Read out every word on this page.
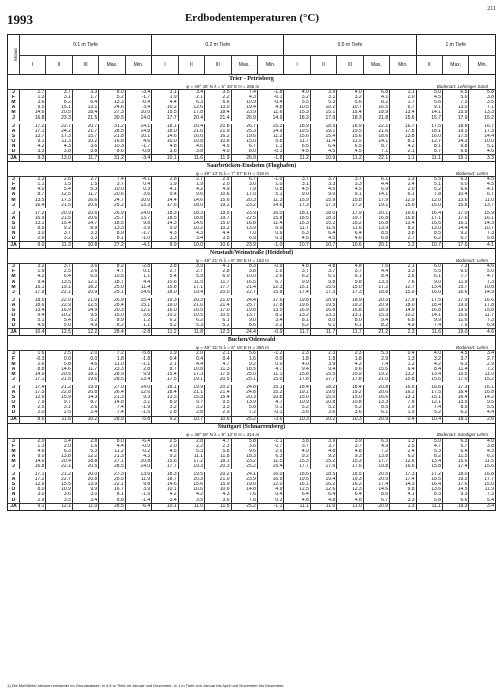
211
1993	Erdbodentemperaturen (°C)
Monat	0.1 m Tiefe					0.2 m Tiefe					0.5 m Tiefe					1 m Tiefe		
	I	II	III	Max.	Min.	I	II	III	Max.	Min.	I	II	III	Max.	Min.	II	Max.	Min.
Trier - Petrisberg																		

Bodenart: Lehmiger Sand
φ = 49° 45' N λ = 6° 40' E H = 265 m																		
J	2.7	3.7	3.3	8.0	-3.4	3.1	3.4	3.5	7.4	-1.8	4.0	3.9	4.0	6.8	1.1	5.0	6.5	5.8
F	1.3	3.1	1.7	5.2	-1.7	1.9	2.1	2.2	4.3	-0.1	3.2	3.1	3.2	4.1	2.0	4.5	5.6	3.8
M	3.6	8.2	6.4	13.3	-0.4	4.4	6.3	6.6	10.9	-0.4	5.5	5.3	5.6	8.2	1.7	5.6	7.3	3.5
A	9.5	15.1	13.1	24.6	3.4	10.2	12.6	13.0	19.4	4.8	10.5	10.2	10.7	16.5	6.7	9.1	13.0	7.1
M	14.6	20.5	18.4	27.3	10.0	15.5	17.8	18.4	23.9	11.6	15.3	15.1	15.4	18.9	13.4	14.1	15.9	13.3
J	16.8	23.3	21.5	30.5	14.0	17.7	20.4	21.4	26.9	14.9	18.3	17.9	18.3	21.8	15.6	15.7	17.9	15.2

J	17.2	22.7	20.7	31.2	14.1	18.1	20.4	20.8	26.7	15.3	18.9	18.5	18.9	22.1	16.7	17.5	18.8	16.7
A	17.1	24.2	21.7	28.5	14.8	18.0	21.6	21.9	25.3	14.9	19.5	19.1	19.5	21.6	17.8	18.1	19.3	17.3
S	13.7	17.3	15.7	21.8	10.1	14.6	16.0	16.2	19.6	11.2	15.6	15.4	15.6	18.6	13.8	16.0	17.5	14.4
O	9.1	11.3	10.2	16.8	4.6	10.0	10.8	10.8	15.0	5.8	11.7	11.4	11.5	14.1	8.1	12.7	14.3	10.0
N	4.2	4.3	3.6	10.3	-1.7	4.8	4.6	4.5	6.7	1.1	6.5	6.4	6.5	8.7	4.2	8.1	9.8	5.1
D	3.3	3.8	3.8	8.6	-0.8	3.6	3.8	4.0	8.0	-0.1	4.5	4.5	4.5	7.1	2.1	5.7	6.8	4.6
JA	9.3	13.0	11.7	31.2	-3.4	10.1	11.6	11.9	26.9	-1.8	11.2	10.9	11.2	22.1	1.1	11.1	19.1	3.3
Saarbrücken-Ensheim (Flughafen)																		

Bodenart: Lehm
φ = 49° 13' N λ = 7° 07' E H = 319 m																		
J	2.3	2.8	2.7	7.4	-4.1	2.8	2.7	2.9	6.7	-1.0	3.7	3.7	3.7	6.1	1.3	5.5	6.3	4.5
F	1.1	1.5	1.5	3.7	0.4	1.9	1.9	2.0	3.0	1.0	3.1	3.3	3.3	4.4	2.4	5.1	6.0	4.5
M	4.0	5.4	5.3	10.0	0.3	4.1	4.2	4.9	7.9	0.8	4.5	4.5	4.5	6.9	2.0	5.2	6.6	4.1
A	8.7	12.5	11.7	20.6	3.6	9.4	9.6	10.6	17.0	5.1	9.0	9.0	9.1	14.1	6.1	7.8	10.4	6.7
M	13.5	17.3	16.6	24.7	10.0	14.4	14.6	15.6	20.3	11.3	15.9	15.9	15.8	17.9	12.9	12.0	13.6	11.0
J	16.4	21.5	20.6	25.2	13.3	17.6	18.0	19.2	23.2	14.6	17.3	17.3	17.2	19.1	15.6	15.0	15.8	13.7

J	17.2	20.9	20.6	26.9	14.0	18.3	18.3	19.5	23.9	16.0	18.1	18.0	17.9	20.1	16.6	16.4	17.0	15.9
A	16.9	21.5	20.6	25.7	13.7	18.5	18.8	19.7	22.5	15.8	18.5	18.3	19.7	16.8	16.8	17.1	17.6	16.1
S	13.1	15.4	14.7	18.5	9.8	14.3	14.6	15.0	16.8	11.4	15.3	15.2	15.2	16.8	13.4	15.6	16.1	14.3
O	8.5	9.2	8.9	13.3	3.9	9.9	10.2	10.2	13.9	5.9	11.7	11.6	11.6	13.9	8.2	13.0	14.4	10.7
N	3.0	3.7	3.3	8.9	-1.7	4.3	4.3	4.4	7.0	0.6	6.3	6.4	6.4	8.5	3.8	8.5	9.2	7.3
D	2.9	3.2	3.3	8.1	-1.0	3.3	3.4	3.5	6.9	0.3	4.5	4.5	4.6	6.8	2.7	6.2	6.7	5.8
JA	9.0	11.3	10.8	27.2	-4.1	9.9	10.0	10.6	23.9	-1.0	10.7	10.7	10.6	20.1	1.3	10.7	17.6	4.1
Neustadt/Weinstraße (Heidebuf)																		

Bodenart: Lehm
φ = 49° 21' N λ = 8° 09' E H = 163 m																		
J	3.2	3.7	3.6	8.2	-2.8	3.8	3.9	4.1	8.3	-0.9	4.8	4.8	4.8	7.6	2.1	6.0	7.3	4.6
F	1.9	2.5	2.6	4.7	0.1	2.7	2.7	2.8	3.8	1.6	3.7	3.7	3.7	4.4	3.3	5.5	6.0	5.0
M	4.2	6.4	6.0	10.5	1.1	5.4	5.9	6.0	10.0	2.6	6.2	6.1	6.1	8.4	3.6	6.1	7.7	4.7
A	9.4	13.5	12.1	18.7	4.4	10.6	11.5	11.7	16.5	6.7	9.9	9.8	9.8	13.3	7.6	9.0	11.9	7.3
M	15.1	19.1	18.2	25.0	11.4	15.8	17.1	17.7	21.4	12.3	15.1	15.0	15.0	17.2	12.7	13.4	15.7	10.8
J	17.9	22.1	20.9	25.1	14.6	18.0	19.4	20.0	22.7	15.8	17.4	17.3	17.3	18.8	15.9	16.0	16.6	14.9

J	18.5	22.0	21.0	26.9	15.4	19.3	20.3	21.0	24.4	17.6	19.8	18.9	18.9	20.3	17.9	17.5	17.9	16.6
A	18.6	22.9	22.5	28.4	15.1	19.0	21.0	21.4	25.7	17.8	19.6	19.5	19.2	20.9	18.0	18.4	19.0	17.8
S	13.4	16.9	14.9	20.3	12.1	16.0	16.5	17.0	19.8	13.5	16.9	16.8	16.8	18.9	14.9	16.8	19.0	15.8
O	9.4	10.2	9.5	15.0	3.6	10.2	10.5	10.5	13.7	8.2	13.2	13.1	13.1	15.3	10.2	14.1	15.6	11.7
N	5.1	5.4	5.2	8.9	1.2	6.2	6.2	6.1	9.0	3.4	8.1	8.0	8.0	9.4	6.8	9.9	11.6	7.3
D	4.5	5.0	4.9	8.2	1.1	5.2	5.3	5.2	8.6	2.2	6.2	6.1	6.1	8.2	4.9	7.4	7.9	6.9
JA	10.4	12.5	12.2	28.4	-2.8	11.2	11.8	12.3	24.4	-0.9	11.7	11.7	11.7	21.2	2.3	11.6	19.0	4.6
Buchen/Odenwald																		

Bodenart: Lehm
φ = 49° 31' N λ = 9° 19' E H = 380 m																		
J	1.6	2.5	2.0	7.2	-5.8	1.9	2.0	2.1	5.6	-1.2	2.3	2.3	2.3	5.3	0.4	4.0	4.5	3.4
F	-0.3	0.0	0.0	1.8	-1.8	0.4	0.4	0.4	1.6	0.0	1.8	1.8	1.8	2.9	1.3	3.2	3.7	2.7
M	2.6	5.8	4.6	11.0	-1.1	2.1	4.4	4.7	9.2	0.0	4.0	3.9	4.2	7.4	1.2	4.2	6.3	2.9
A	8.8	14.6	11.7	23.3	2.8	8.7	10.8	11.3	18.5	4.7	9.4	9.4	9.6	15.6	6.4	8.4	11.4	7.2
M	14.9	20.5	18.1	28.9	9.9	15.4	17.3	17.9	25.0	11.1	15.8	15.5	15.9	19.2	13.2	13.4	15.5	11.0
J	17.1	21.5	19.6	28.5	13.4	17.5	19.1	20.5	25.1	15.0	17.8	17.7	17.8	21.0	15.8	15.6	17.0	15.2

J	17.4	21.2	19.9	27.0	14.0	18.1	19.9	20.2	24.8	15.1	18.4	18.2	18.4	20.8	16.6	16.6	17.3	16.1
A	17.3	22.8	20.8	26.4	12.6	18.4	21.1	21.4	24.8	15.2	19.1	19.0	19.2	20.6	16.2	17.5	18.4	16.8
S	12.6	15.9	14.3	21.3	9.3	13.5	15.3	15.4	20.3	10.8	15.0	15.0	15.0	16.6	13.1	15.1	16.4	14.2
O	7.9	9.7	8.7	14.8	3.1	8.9	9.7	9.5	13.9	4.7	10.9	10.8	10.8	13.3	7.8	12.1	13.5	9.5
N	2.5	3.1	2.6	7.4	-1.9	3.2	3.2	3.3	5.8	0.1	5.2	5.2	5.2	8.5	2.9	7.4	8.9	5.5
D	2.0	2.5	2.4	7.4	-1.5	2.8	2.8	2.9	7.2	-0.1	3.6	3.6	3.6	6.1	1.9	5.2	6.2	4.4
JA	8.6	11.6	10.2	28.9	-5.8	9.2	10.7	10.6	25.2	-3.6	10.3	10.2	10.3	20.9	0.4	10.4	18.1	2.6
Stuttgart (Schnarrenberg)																		

Bodenart: Sandiger Lehm
φ = 48° 50' N λ = 9° 12' E H = 314 m																		
J	2.0	3.4	2.8	8.0	-6.4	2.5	2.8	4.7	5.8	-1.1	3.8	3.9	3.9	6.3	1.3	5.0	6.3	4.0
F	1.3	2.0	1.6	4.4	-0.0	2.0	2.2	2.3	3.6	0.7	3.7	3.7	3.7	4.9	2.5	4.7	5.7	3.8
M	4.6	6.3	5.3	11.2	-0.2	4.5	5.3	5.8	9.6	2.6	4.9	4.8	4.8	7.2	2.4	5.3	6.4	4.3
A	9.0	13.8	12.2	21.3	4.3	9.2	11.1	11.8	18.3	6.3	9.2	9.2	9.3	13.8	6.2	8.2	11.5	6.2
M	14.6	20.4	18.8	27.1	10.8	15.6	17.2	18.1	23.2	11.5	15.3	15.2	15.3	17.7	12.6	13.4	15.6	11.5
J	16.8	22.1	20.5	28.5	14.0	17.7	19.3	20.3	25.2	15.4	17.7	17.6	17.6	19.8	16.6	15.8	17.4	15.6

J	17.1	21.2	20.0	27.3	13.6	18.3	19.5	20.2	24.1	16.0	18.6	18.5	18.5	20.5	17.3	17.2	18.0	16.8
A	17.2	22.7	20.8	25.5	11.9	18.7	20.3	21.0	23.9	16.9	19.5	19.4	19.3	20.9	17.4	18.5	19.3	17.7
S	12.6	15.5	13.9	22.1	9.8	14.6	15.6	15.9	19.0	12.0	16.1	16.2	16.2	17.4	14.3	16.4	17.6	15.0
O	8.0	10.9	9.9	16.7	3.9	10.1	10.6	10.6	14.8	4.9	12.5	12.6	12.3	14.6	9.8	13.6	14.5	11.9
N	3.0	3.6	3.0	8.1	-1.5	4.2	4.2	4.3	7.6	0.4	6.4	6.4	6.4	8.6	4.1	8.3	9.3	7.3
D	2.9	3.5	3.4	8.8	-1.4	3.4	3.5	3.6	7.8	0.2	4.8	4.8	4.8	6.7	3.3	5.8	6.6	5.4
JA	9.1	12.1	11.0	28.5	-6.4	10.1	11.0	11.5	25.2	-1.1	11.1	11.0	11.0	20.9	1.3	11.1	19.3	3.4
1) Die Meßfühler stecken entweder im Grundwasser: in 0,5 m Tiefe im Januar und Dezember, in 1 m Tiefe von Januar bis April und November bis Dezember.
